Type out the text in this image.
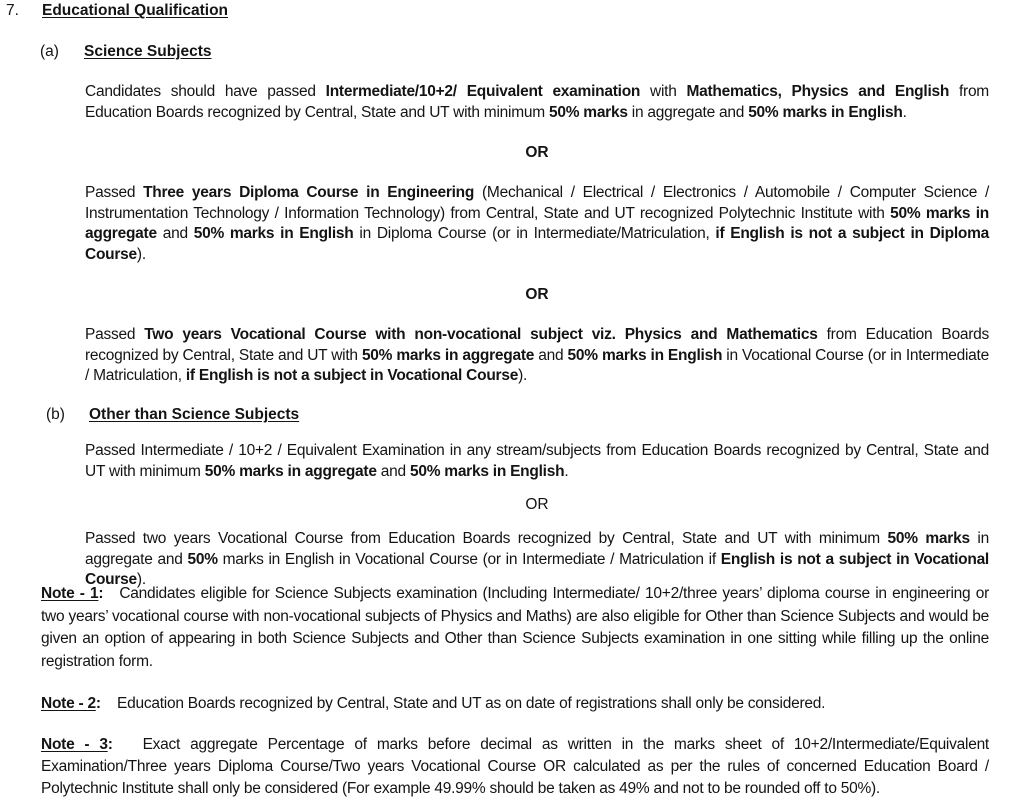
7. Educational Qualification
(a) Science Subjects
Candidates should have passed Intermediate/10+2/ Equivalent examination with Mathematics, Physics and English from Education Boards recognized by Central, State and UT with minimum 50% marks in aggregate and 50% marks in English.
OR
Passed Three years Diploma Course in Engineering (Mechanical / Electrical / Electronics / Automobile / Computer Science / Instrumentation Technology / Information Technology) from Central, State and UT recognized Polytechnic Institute with 50% marks in aggregate and 50% marks in English in Diploma Course (or in Intermediate/Matriculation, if English is not a subject in Diploma Course).
OR
Passed Two years Vocational Course with non-vocational subject viz. Physics and Mathematics from Education Boards recognized by Central, State and UT with 50% marks in aggregate and 50% marks in English in Vocational Course (or in Intermediate / Matriculation, if English is not a subject in Vocational Course).
(b) Other than Science Subjects
Passed Intermediate / 10+2 / Equivalent Examination in any stream/subjects from Education Boards recognized by Central, State and UT with minimum 50% marks in aggregate and 50% marks in English.
OR
Passed two years Vocational Course from Education Boards recognized by Central, State and UT with minimum 50% marks in aggregate and 50% marks in English in Vocational Course (or in Intermediate / Matriculation if English is not a subject in Vocational Course).
Note - 1: Candidates eligible for Science Subjects examination (Including Intermediate/ 10+2/three years’ diploma course in engineering or two years’ vocational course with non-vocational subjects of Physics and Maths) are also eligible for Other than Science Subjects and would be given an option of appearing in both Science Subjects and Other than Science Subjects examination in one sitting while filling up the online registration form.
Note - 2: Education Boards recognized by Central, State and UT as on date of registrations shall only be considered.
Note - 3: Exact aggregate Percentage of marks before decimal as written in the marks sheet of 10+2/Intermediate/Equivalent Examination/Three years Diploma Course/Two years Vocational Course OR calculated as per the rules of concerned Education Board / Polytechnic Institute shall only be considered (For example 49.99% should be taken as 49% and not to be rounded off to 50%).
